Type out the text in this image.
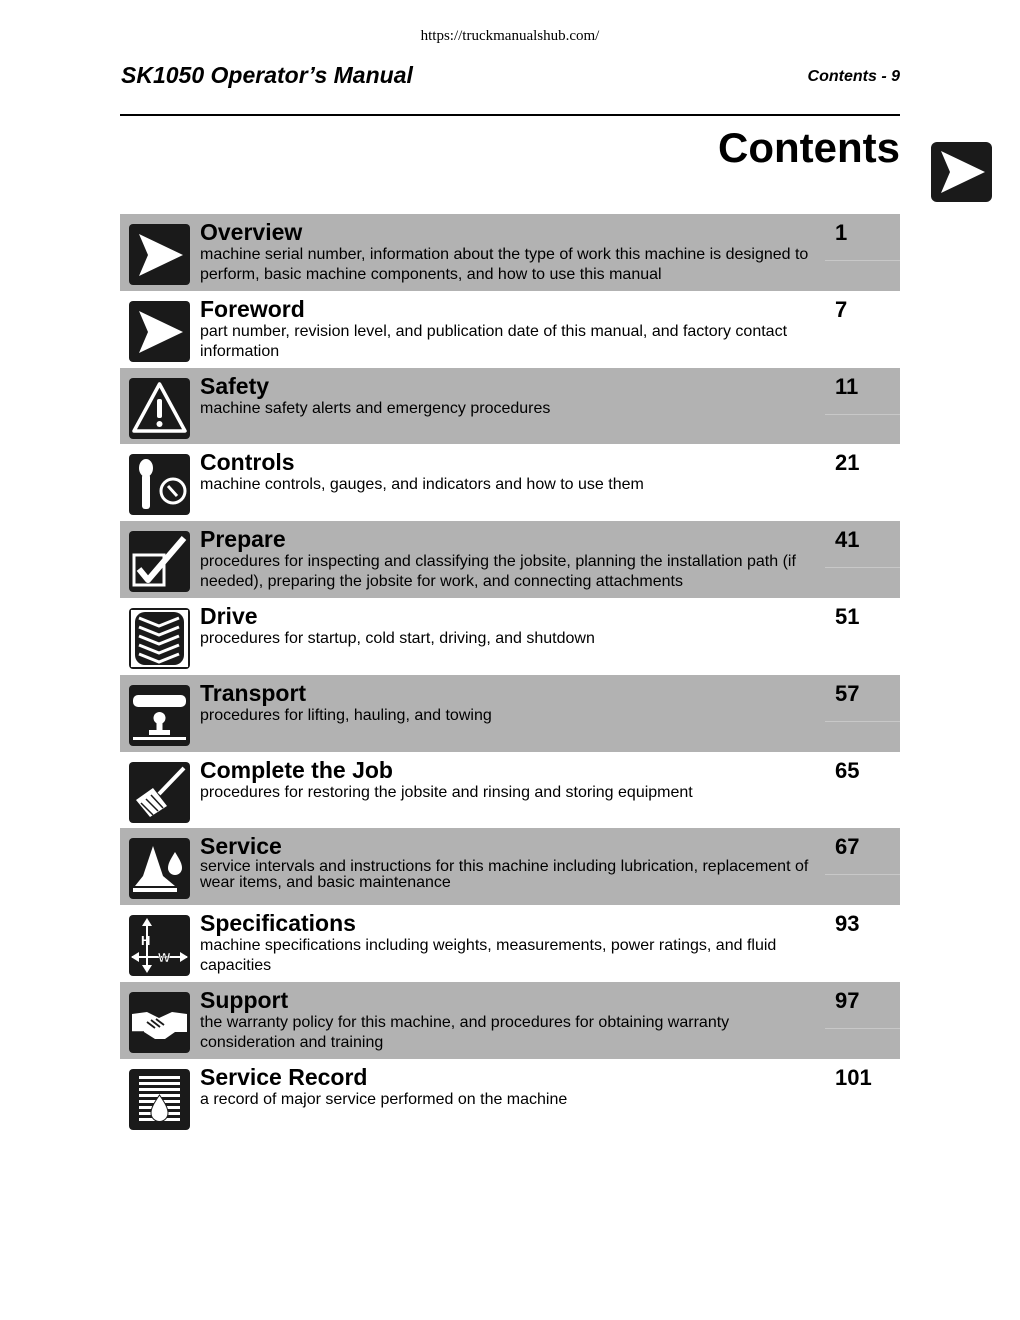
https://truckmanualshub.com/
SK1050 Operator’s Manual	Contents - 9
Contents
Overview
machine serial number, information about the type of work this machine is designed to perform, basic machine components, and how to use this manual
1
Foreword
part number, revision level, and publication date of this manual, and factory contact information
7
Safety
machine safety alerts and emergency procedures
11
Controls
machine controls, gauges, and indicators and how to use them
21
Prepare
procedures for inspecting and classifying the jobsite, planning the installation path (if needed), preparing the jobsite for work, and connecting attachments
41
Drive
procedures for startup, cold start, driving, and shutdown
51
Transport
procedures for lifting, hauling, and towing
57
Complete the Job
procedures for restoring the jobsite and rinsing and storing equipment
65
Service
service intervals and instructions for this machine including lubrication, replacement of wear items, and basic maintenance
67
H
W
Specifications
machine specifications including weights, measurements, power ratings, and fluid capacities
93
Support
the warranty policy for this machine, and procedures for obtaining warranty consideration and training
97
Service Record
a record of major service performed on the machine
101
